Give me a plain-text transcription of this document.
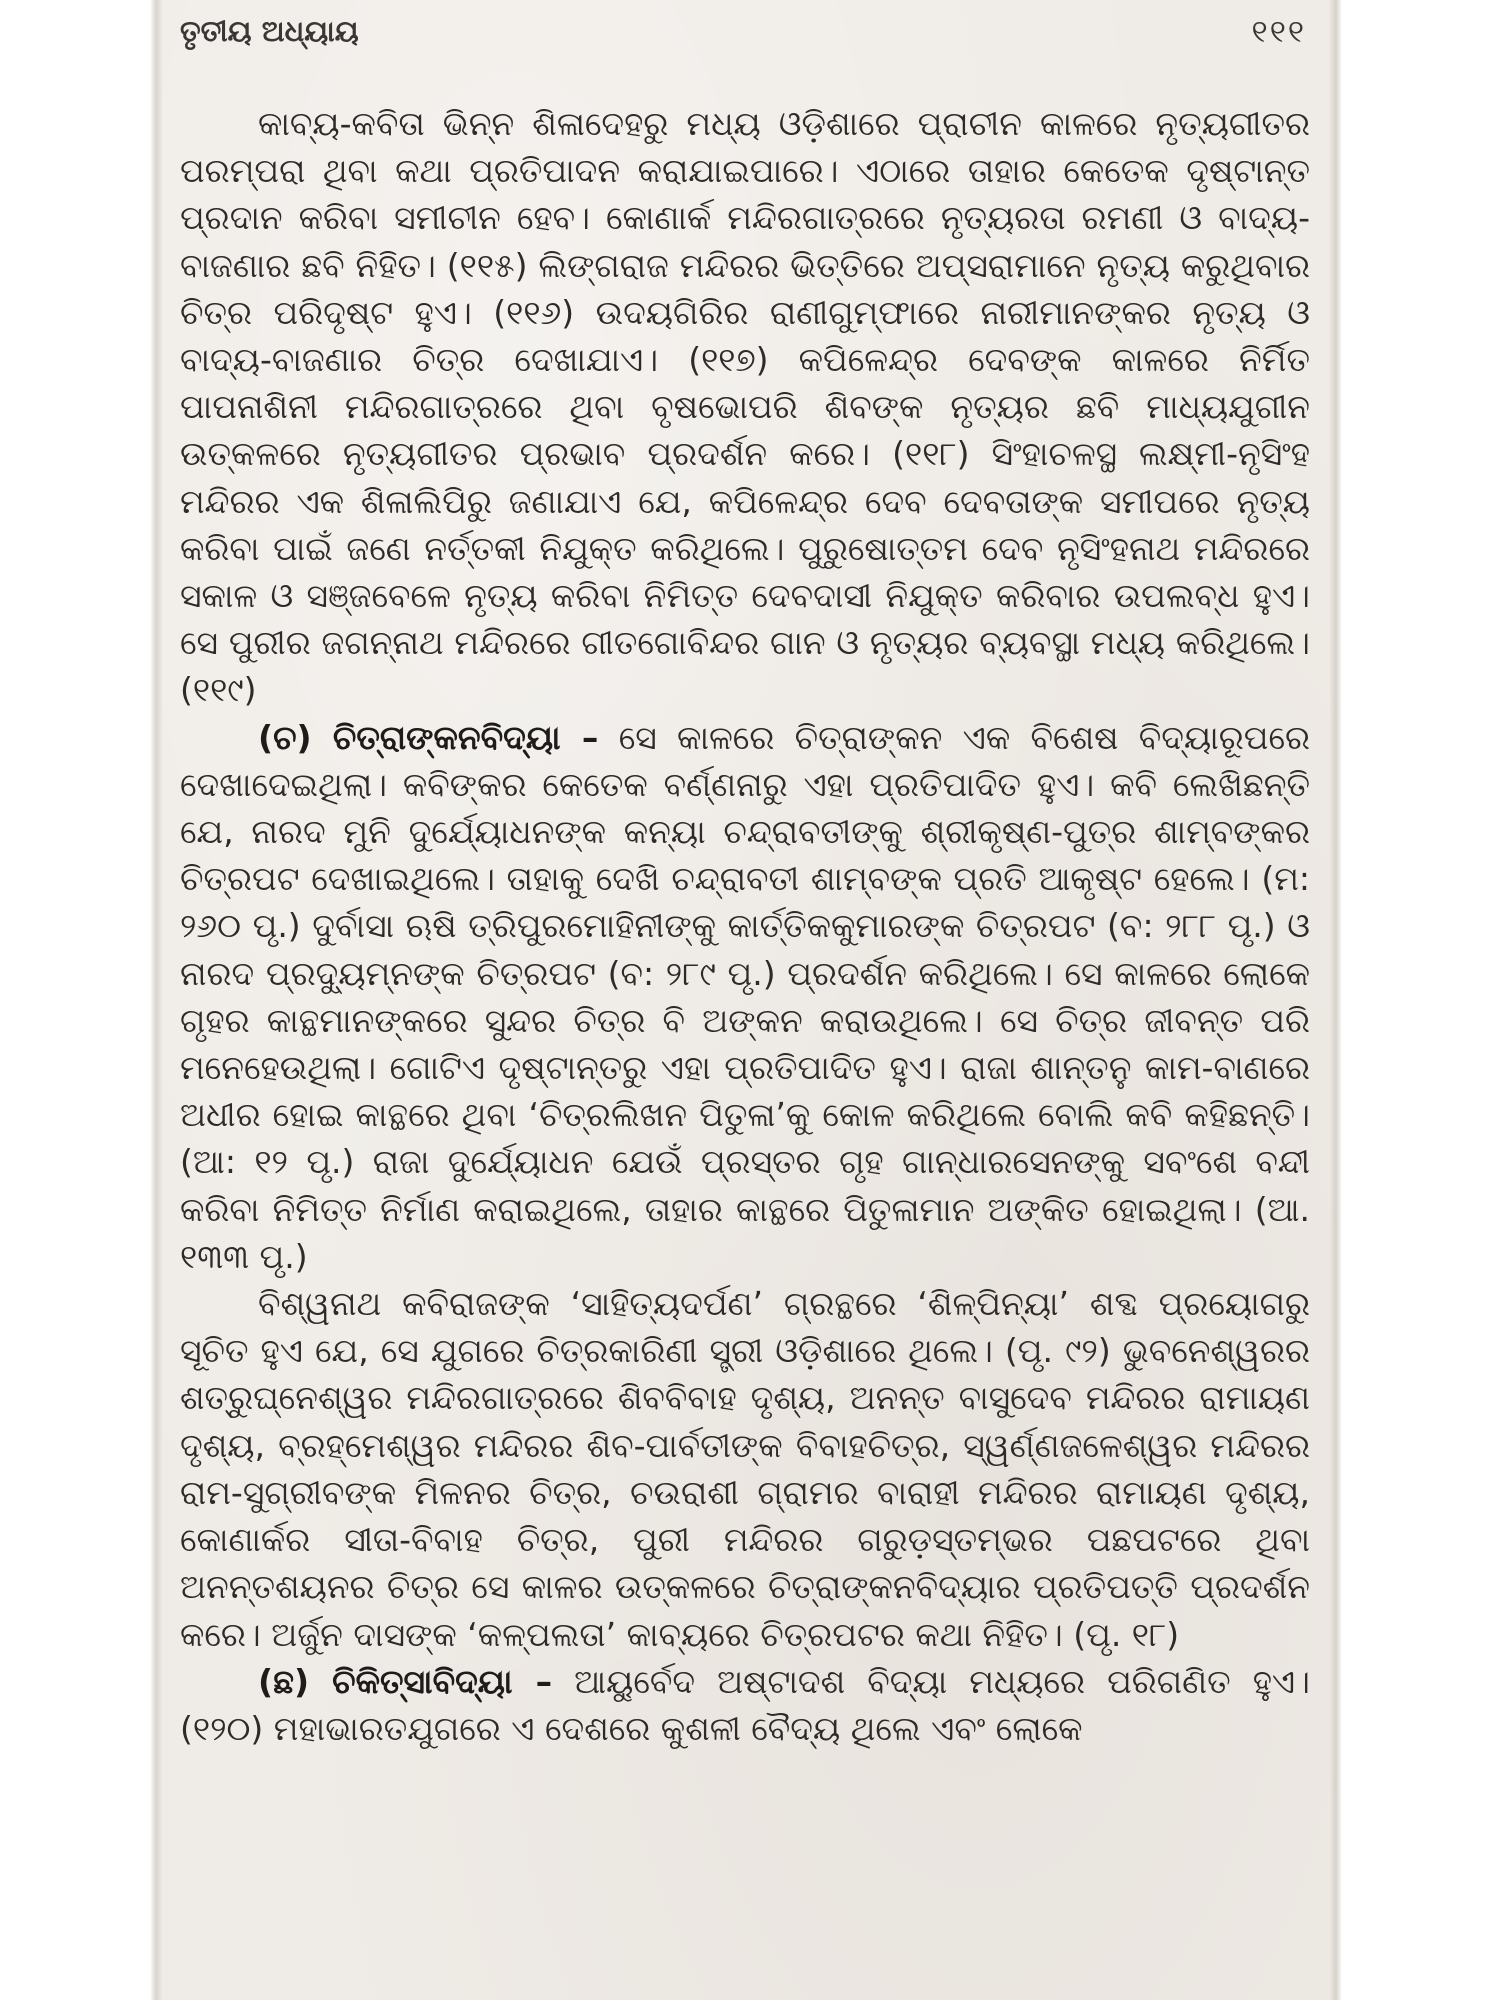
ତୃତୀୟ ଅଧ୍ୟାୟ	୧୧୧

କାବ୍ୟ-କବିତା ଭିନ୍ନ ଶିଳାଦେହରୁ ମଧ୍ୟ ଓଡ଼ିଶାରେ ପ୍ରାଚୀନ କାଳରେ ନୃତ୍ୟଗୀତର ପରମ୍ପରା ଥିବା କଥା ପ୍ରତିପାଦନ କରାଯାଇପାରେ। ଏଠାରେ ତାହାର କେତେକ ଦୃଷ୍ଟାନ୍ତ ପ୍ରଦାନ କରିବା ସମୀଚୀନ ହେବ। କୋଣାର୍କ ମନ୍ଦିରଗାତ୍ରରେ ନୃତ୍ୟରତା ରମଣୀ ଓ ବାଦ୍ୟ-ବାଜଣାର ଛବି ନିହିତ। (୧୧୫) ଲିଙ୍ଗରାଜ ମନ୍ଦିରର ଭିତ୍ତିରେ ଅପ୍ସରାମାନେ ନୃତ୍ୟ କରୁଥିବାର ଚିତ୍ର ପରିଦୃଷ୍ଟ ହୁଏ। (୧୧୬) ଉଦୟଗିରିର ରାଣୀଗୁମ୍ଫାରେ ନାରୀମାନଙ୍କର ନୃତ୍ୟ ଓ ବାଦ୍ୟ-ବାଜଣାର ଚିତ୍ର ଦେଖାଯାଏ। (୧୧୭) କପିଳେନ୍ଦ୍ର ଦେବଙ୍କ କାଳରେ ନିର୍ମିତ ପାପନାଶିନୀ ମନ୍ଦିରଗାତ୍ରରେ ଥିବା ବୃଷଭୋପରି ଶିବଙ୍କ ନୃତ୍ୟର ଛବି ମାଧ୍ୟଯୁଗୀନ ଉତ୍କଳରେ ନୃତ୍ୟଗୀତର ପ୍ରଭାବ ପ୍ରଦର୍ଶନ କରେ। (୧୧୮) ସିଂହାଚଳସ୍ଥ ଲକ୍ଷ୍ମୀ-ନୃସିଂହ ମନ୍ଦିରର ଏକ ଶିଳାଲିପିରୁ ଜଣାଯାଏ ଯେ, କପିଳେନ୍ଦ୍ର ଦେବ ଦେବତାଙ୍କ ସମୀପରେ ନୃତ୍ୟ କରିବା ପାଇଁ ଜଣେ ନର୍ତ୍ତକୀ ନିଯୁକ୍ତ କରିଥିଲେ। ପୁରୁଷୋତ୍ତମ ଦେବ ନୃସିଂହନାଥ ମନ୍ଦିରରେ ସକାଳ ଓ ସଞ୍ଜବେଳେ ନୃତ୍ୟ କରିବା ନିମିତ୍ତ ଦେବଦାସୀ ନିଯୁକ୍ତ କରିବାର ଉପଲବ୍ଧ ହୁଏ। ସେ ପୁରୀର ଜଗନ୍ନାଥ ମନ୍ଦିରରେ ଗୀତଗୋବିନ୍ଦର ଗାନ ଓ ନୃତ୍ୟର ବ୍ୟବସ୍ଥା ମଧ୍ୟ କରିଥିଲେ। (୧୧୯)

(ଚ) ଚିତ୍ରାଙ୍କନବିଦ୍ୟା – ସେ କାଳରେ ଚିତ୍ରାଙ୍କନ ଏକ ବିଶେଷ ବିଦ୍ୟାରୂପରେ ଦେଖାଦେଇଥିଲା। କବିଙ୍କର କେତେକ ବର୍ଣ୍ଣନାରୁ ଏହା ପ୍ରତିପାଦିତ ହୁଏ। କବି ଲେଖିଛନ୍ତି ଯେ, ନାରଦ ମୁନି ଦୁର୍ଯ୍ୟୋଧନଙ୍କ କନ୍ୟା ଚନ୍ଦ୍ରାବତୀଙ୍କୁ ଶ୍ରୀକୃଷ୍ଣ-ପୁତ୍ର ଶାମ୍ବଙ୍କର ଚିତ୍ରପଟ ଦେଖାଇଥିଲେ। ତାହାକୁ ଦେଖି ଚନ୍ଦ୍ରାବତୀ ଶାମ୍ବଙ୍କ ପ୍ରତି ଆକୃଷ୍ଟ ହେଲେ। (ମ: ୨୬୦ ପୃ.) ଦୁର୍ବାସା ଋଷି ତ୍ରିପୁରମୋହିନୀଙ୍କୁ କାର୍ତ୍ତିକକୁମାରଙ୍କ ଚିତ୍ରପଟ (ବ: ୨୮୮ ପୃ.) ଓ ନାରଦ ପ୍ରଦ୍ୟୁମ୍ନଙ୍କ ଚିତ୍ରପଟ (ବ: ୨୮୯ ପୃ.) ପ୍ରଦର୍ଶନ କରିଥିଲେ। ସେ କାଳରେ ଲୋକେ ଗୃହର କାନ୍ଥମାନଙ୍କରେ ସୁନ୍ଦର ଚିତ୍ର ବି ଅଙ୍କନ କରାଉଥିଲେ। ସେ ଚିତ୍ର ଜୀବନ୍ତ ପରି ମନେହେଉଥିଲା। ଗୋଟିଏ ଦୃଷ୍ଟାନ୍ତରୁ ଏହା ପ୍ରତିପାଦିତ ହୁଏ। ରାଜା ଶାନ୍ତନୁ କାମ-ବାଣରେ ଅଧୀର ହୋଇ କାନ୍ଥରେ ଥିବା ‘ଚିତ୍ରଲିଖନ ପିତୁଳା’କୁ କୋଳ କରିଥିଲେ ବୋଲି କବି କହିଛନ୍ତି। (ଆ: ୧୨ ପୃ.) ରାଜା ଦୁର୍ଯ୍ୟୋଧନ ଯେଉଁ ପ୍ରସ୍ତର ଗୃହ ଗାନ୍ଧାରସେନଙ୍କୁ ସବଂଶେ ବନ୍ଦୀ କରିବା ନିମିତ୍ତ ନିର୍ମାଣ କରାଇଥିଲେ, ତାହାର କାନ୍ଥରେ ପିତୁଳାମାନ ଅଙ୍କିତ ହୋଇଥିଲା। (ଆ. ୧୩୩ ପୃ.)

ବିଶ୍ୱନାଥ କବିରାଜଙ୍କ ‘ସାହିତ୍ୟଦର୍ପଣ’ ଗ୍ରନ୍ଥରେ ‘ଶିଳ୍ପିନ୍ୟା’ ଶବ୍ଦ ପ୍ରୟୋଗରୁ ସୂଚିତ ହୁଏ ଯେ, ସେ ଯୁଗରେ ଚିତ୍ରକାରିଣୀ ସ୍ତ୍ରୀ ଓଡ଼ିଶାରେ ଥିଲେ। (ପୃ. ୯୨) ଭୁବନେଶ୍ୱରର ଶତ୍ରୁଘ୍ନେଶ୍ୱର ମନ୍ଦିରଗାତ୍ରରେ ଶିବବିବାହ ଦୃଶ୍ୟ, ଅନନ୍ତ ବାସୁଦେବ ମନ୍ଦିରର ରାମାୟଣ ଦୃଶ୍ୟ, ବ୍ରହ୍ମେଶ୍ୱର ମନ୍ଦିରର ଶିବ-ପାର୍ବତୀଙ୍କ ବିବାହଚିତ୍ର, ସ୍ୱର୍ଣ୍ଣଜଳେଶ୍ୱର ମନ୍ଦିରର ରାମ-ସୁଗ୍ରୀବଙ୍କ ମିଳନର ଚିତ୍ର, ଚଉରାଶୀ ଗ୍ରାମର ବାରାହୀ ମନ୍ଦିରର ରାମାୟଣ ଦୃଶ୍ୟ, କୋଣାର୍କର ସୀତା-ବିବାହ ଚିତ୍ର, ପୁରୀ ମନ୍ଦିରର ଗରୁଡ଼ସ୍ତମ୍ଭର ପଛପଟରେ ଥିବା ଅନନ୍ତଶୟନର ଚିତ୍ର ସେ କାଳର ଉତ୍କଳରେ ଚିତ୍ରାଙ୍କନବିଦ୍ୟାର ପ୍ରତିପତ୍ତି ପ୍ରଦର୍ଶନ କରେ। ଅର୍ଜୁନ ଦାସଙ୍କ ‘କଳ୍ପଲତା’ କାବ୍ୟରେ ଚିତ୍ରପଟର କଥା ନିହିତ। (ପୃ. ୧୮)

(ଛ) ଚିକିତ୍ସାବିଦ୍ୟା – ଆୟୁର୍ବେଦ ଅଷ୍ଟାଦଶ ବିଦ୍ୟା ମଧ୍ୟରେ ପରିଗଣିତ ହୁଏ। (୧୨୦) ମହାଭାରତଯୁଗରେ ଏ ଦେଶରେ କୁଶଳୀ ବୈଦ୍ୟ ଥିଲେ ଏବଂ ଲୋକେ
